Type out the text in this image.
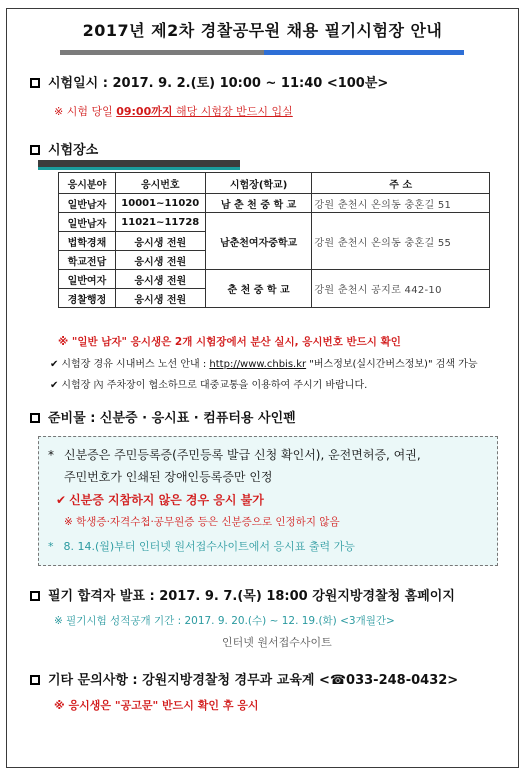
2017년 제2차 경찰공무원 채용 필기시험장 안내
시험일시 : 2017. 9. 2.(토) 10:00 ~ 11:40 <100분>
※ 시험 당일 09:00까지 해당 시험장 반드시 입실
시험장소
응시분야	응시번호	시험장(학교)	주 소
일반남자	10001~11020	남 춘 천 중 학 교	강원 춘천시 온의동 충혼길 51
일반남자	11021~11728	남춘천여자중학교	강원 춘천시 온의동 충혼길 55
법학경채	응시생 전원		
학교전담	응시생 전원		
일반여자	응시생 전원	춘 천 중 학 교	강원 춘천시 공지로 442-10
경찰행정	응시생 전원		
※ "일반 남자" 응시생은 2개 시험장에서 분산 실시, 응시번호 반드시 확인
✔ 시험장 경유 시내버스 노선 안내 : http://www.chbis.kr "버스정보(실시간버스정보)" 검색 가능
✔ 시험장 內 주차장이 협소하므로 대중교통을 이용하여 주시기 바랍니다.
준비물 : 신분증 · 응시표 · 컴퓨터용 사인펜
* 신분증은 주민등록증(주민등록 발급 신청 확인서), 운전면허증, 여권,
주민번호가 인쇄된 장애인등록증만 인정
✔ 신분증 지참하지 않은 경우 응시 불가
※ 학생증·자격수첩·공무원증 등은 신분증으로 인정하지 않음
* 8. 14.(월)부터 인터넷 원서접수사이트에서 응시표 출력 가능
필기 합격자 발표 : 2017. 9. 7.(목) 18:00 강원지방경찰청 홈페이지
※ 필기시험 성적공개 기간 : 2017. 9. 20.(수) ~ 12. 19.(화) <3개월간>
인터넷 원서접수사이트
기타 문의사항 : 강원지방경찰청 경무과 교육계 <☎033-248-0432>
※ 응시생은 "공고문" 반드시 확인 후 응시
